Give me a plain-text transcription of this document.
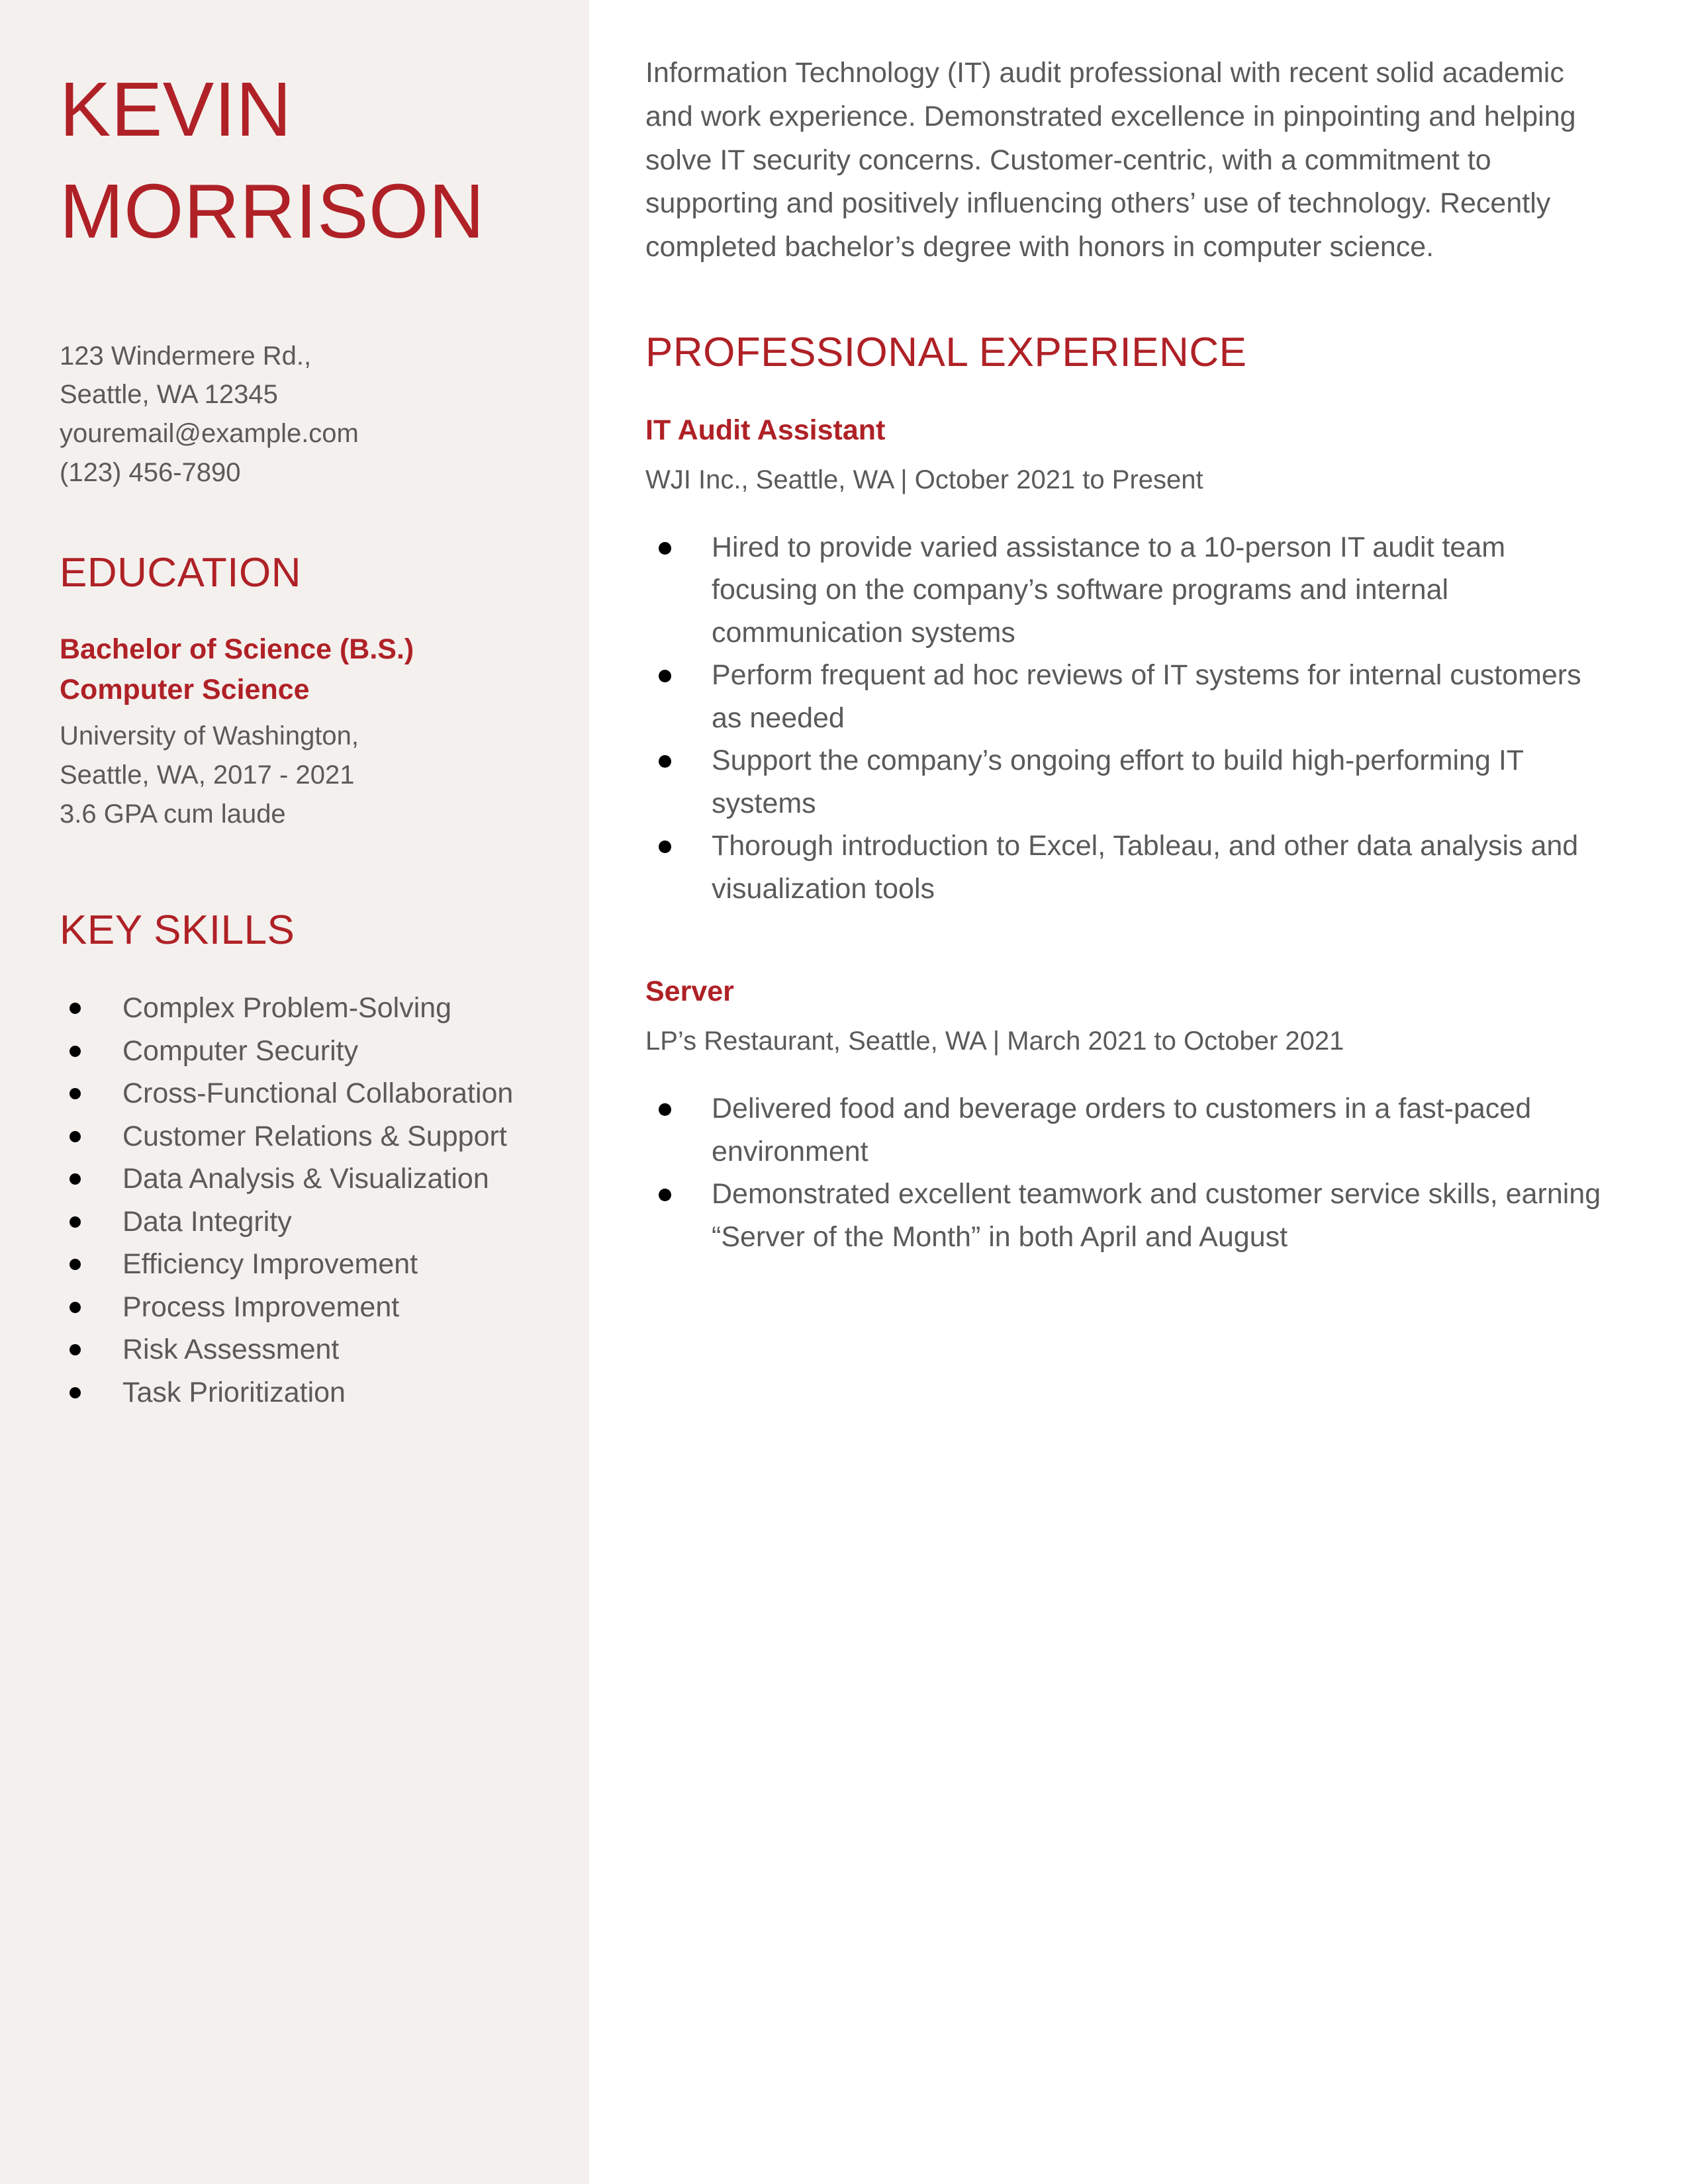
KEVIN
MORRISON
123 Windermere Rd.,
Seattle, WA 12345
youremail@example.com
(123) 456-7890
EDUCATION
Bachelor of Science (B.S.)
Computer Science
University of Washington,
Seattle, WA, 2017 - 2021
3.6 GPA cum laude
KEY SKILLS
Complex Problem-Solving
Computer Security
Cross-Functional Collaboration
Customer Relations & Support
Data Analysis & Visualization
Data Integrity
Efficiency Improvement
Process Improvement
Risk Assessment
Task Prioritization

Information Technology (IT) audit professional with recent solid academic and work experience. Demonstrated excellence in pinpointing and helping solve IT security concerns. Customer-centric, with a commitment to supporting and positively influencing others’ use of technology. Recently completed bachelor’s degree with honors in computer science.

PROFESSIONAL EXPERIENCE
IT Audit Assistant
WJI Inc., Seattle, WA | October 2021 to Present
Hired to provide varied assistance to a 10-person IT audit team focusing on the company’s software programs and internal communication systems
Perform frequent ad hoc reviews of IT systems for internal customers as needed
Support the company’s ongoing effort to build high-performing IT systems
Thorough introduction to Excel, Tableau, and other data analysis and visualization tools
Server
LP’s Restaurant, Seattle, WA | March 2021 to October 2021
Delivered food and beverage orders to customers in a fast-paced environment
Demonstrated excellent teamwork and customer service skills, earning “Server of the Month” in both April and August
